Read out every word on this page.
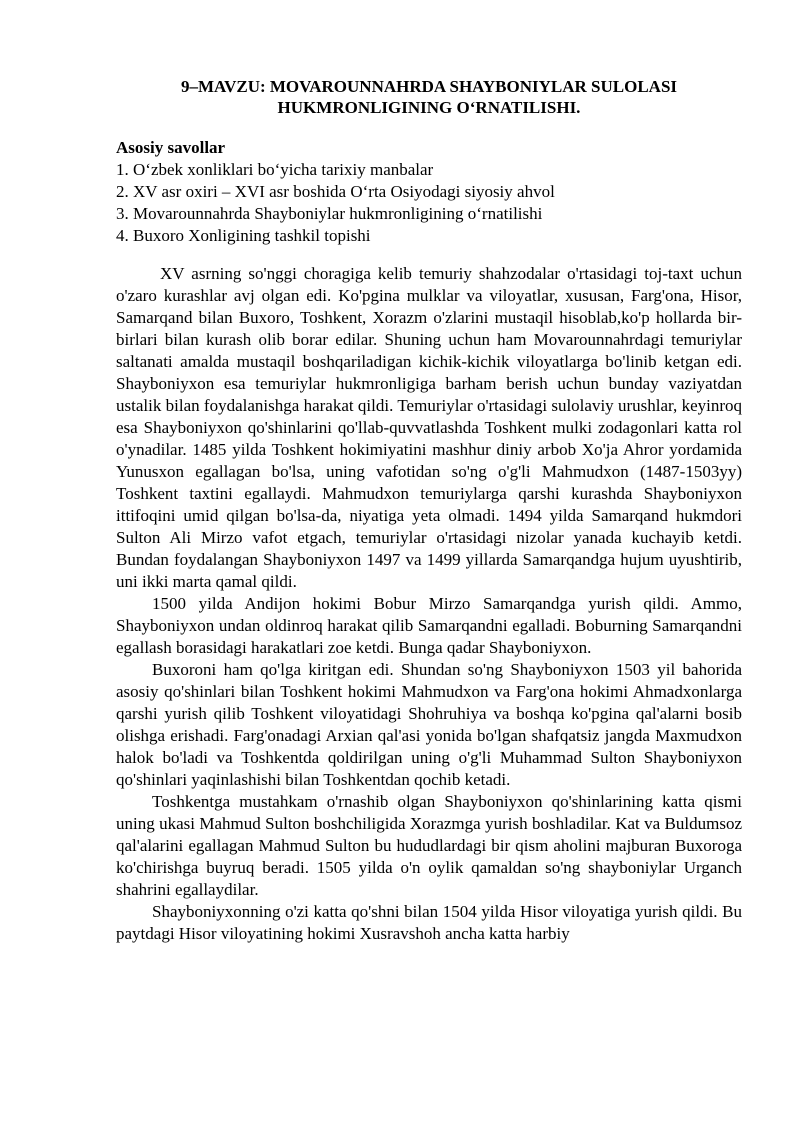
9–MAVZU: MOVAROUNNAHRDA SHAYBONIYLAR SULOLASI
HUKMRONLIGINING O‘RNATILISHI.

Asosiy savollar

1. O‘zbek xonliklari bo‘yicha tarixiy manbalar
2. XV asr oxiri – XVI asr boshida O‘rta Osiyodagi siyosiy ahvol
3. Movarounnahrda Shayboniylar hukmronligining o‘rnatilishi
4. Buxoro Xonligining tashkil topishi

XV asrning so'nggi choragiga kelib temuriy shahzodalar o'rtasidagi toj-taxt uchun o'zaro kurashlar avj olgan edi. Ko'pgina mulklar va viloyatlar, xususan, Farg'ona, Hisor, Samarqand bilan Buxoro, Toshkent, Xorazm o'zlarini mustaqil hisoblab,ko'p hollarda bir-birlari bilan kurash olib borar edilar. Shuning uchun ham Movarounnahrdagi temuriylar saltanati amalda mustaqil boshqariladigan kichik-kichik viloyatlarga bo'linib ketgan edi. Shayboniyxon esa temuriylar hukmronligiga barham berish uchun bunday vaziyatdan ustalik bilan foydalanishga harakat qildi. Temuriylar o'rtasidagi sulolaviy urushlar, keyinroq esa Shayboniyxon qo'shinlarini qo'llab-quvvatlashda Toshkent mulki zodagonlari katta rol o'ynadilar. 1485 yilda Toshkent hokimiyatini mashhur diniy arbob Xo'ja Ahror yordamida Yunusxon egallagan bo'lsa, uning vafotidan so'ng o'g'li Mahmudxon (1487-1503yy) Toshkent taxtini egallaydi. Mahmudxon temuriylarga qarshi kurashda Shayboniyxon ittifoqini umid qilgan bo'lsa-da, niyatiga yeta olmadi. 1494 yilda Samarqand hukmdori Sulton Ali Mirzo vafot etgach, temuriylar o'rtasidagi nizolar yanada kuchayib ketdi. Bundan foydalangan Shayboniyxon 1497 va 1499 yillarda Samarqandga hujum uyushtirib, uni ikki marta qamal qildi.

1500 yilda Andijon hokimi Bobur Mirzo Samarqandga yurish qildi. Ammo, Shayboniyxon undan oldinroq harakat qilib Samarqandni egalladi. Boburning Samarqandni egallash borasidagi harakatlari zoe ketdi. Bunga qadar Shayboniyxon.

Buxoroni ham qo'lga kiritgan edi. Shundan so'ng Shayboniyxon 1503 yil bahorida asosiy qo'shinlari bilan Toshkent hokimi Mahmudxon va Farg'ona hokimi Ahmadxonlarga qarshi yurish qilib Toshkent viloyatidagi Shohruhiya va boshqa ko'pgina qal'alarni bosib olishga erishadi. Farg'onadagi Arxian qal'asi yonida bo'lgan shafqatsiz jangda Maxmudxon halok bo'ladi va Toshkentda qoldirilgan uning o'g'li Muhammad Sulton Shayboniyxon qo'shinlari yaqinlashishi bilan Toshkentdan qochib ketadi.

Toshkentga mustahkam o'rnashib olgan Shayboniyxon qo'shinlarining katta qismi uning ukasi Mahmud Sulton boshchiligida Xorazmga yurish boshladilar. Kat va Buldumsoz qal'alarini egallagan Mahmud Sulton bu hududlardagi bir qism aholini majburan Buxoroga ko'chirishga buyruq beradi. 1505 yilda o'n oylik qamaldan so'ng shayboniylar Urganch shahrini egallaydilar.

Shayboniyxonning o'zi katta qo'shni bilan 1504 yilda Hisor viloyatiga yurish qildi. Bu paytdagi Hisor viloyatining hokimi Xusravshoh ancha katta harbiy
